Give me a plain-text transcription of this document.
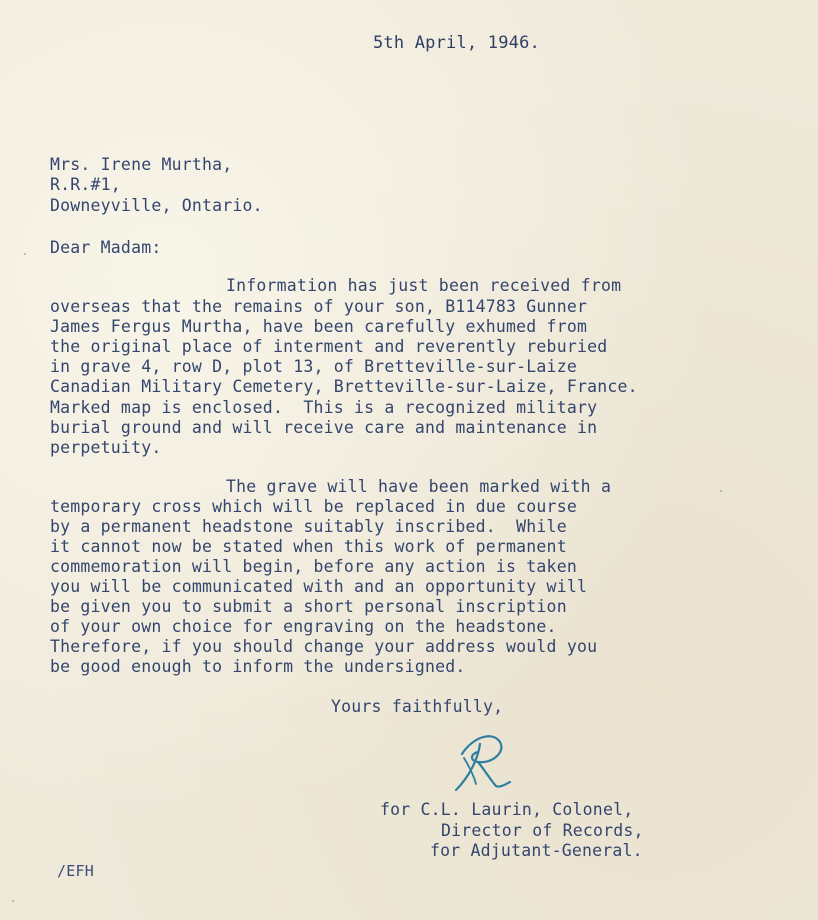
5th April, 1946.
Mrs. Irene Murtha,
R.R.#1,
Downeyville, Ontario.
Dear Madam:
Information has just been received from
overseas that the remains of your son, B114783 Gunner
James Fergus Murtha, have been carefully exhumed from
the original place of interment and reverently reburied
in grave 4, row D, plot 13, of Bretteville-sur-Laize
Canadian Military Cemetery, Bretteville-sur-Laize, France.
Marked map is enclosed.  This is a recognized military
burial ground and will receive care and maintenance in
perpetuity.
The grave will have been marked with a
temporary cross which will be replaced in due course
by a permanent headstone suitably inscribed.  While
it cannot now be stated when this work of permanent
commemoration will begin, before any action is taken
you will be communicated with and an opportunity will
be given you to submit a short personal inscription
of your own choice for engraving on the headstone.
Therefore, if you should change your address would you
be good enough to inform the undersigned.
Yours faithfully,
for C.L. Laurin, Colonel,
Director of Records,
for Adjutant-General.
/EFH
